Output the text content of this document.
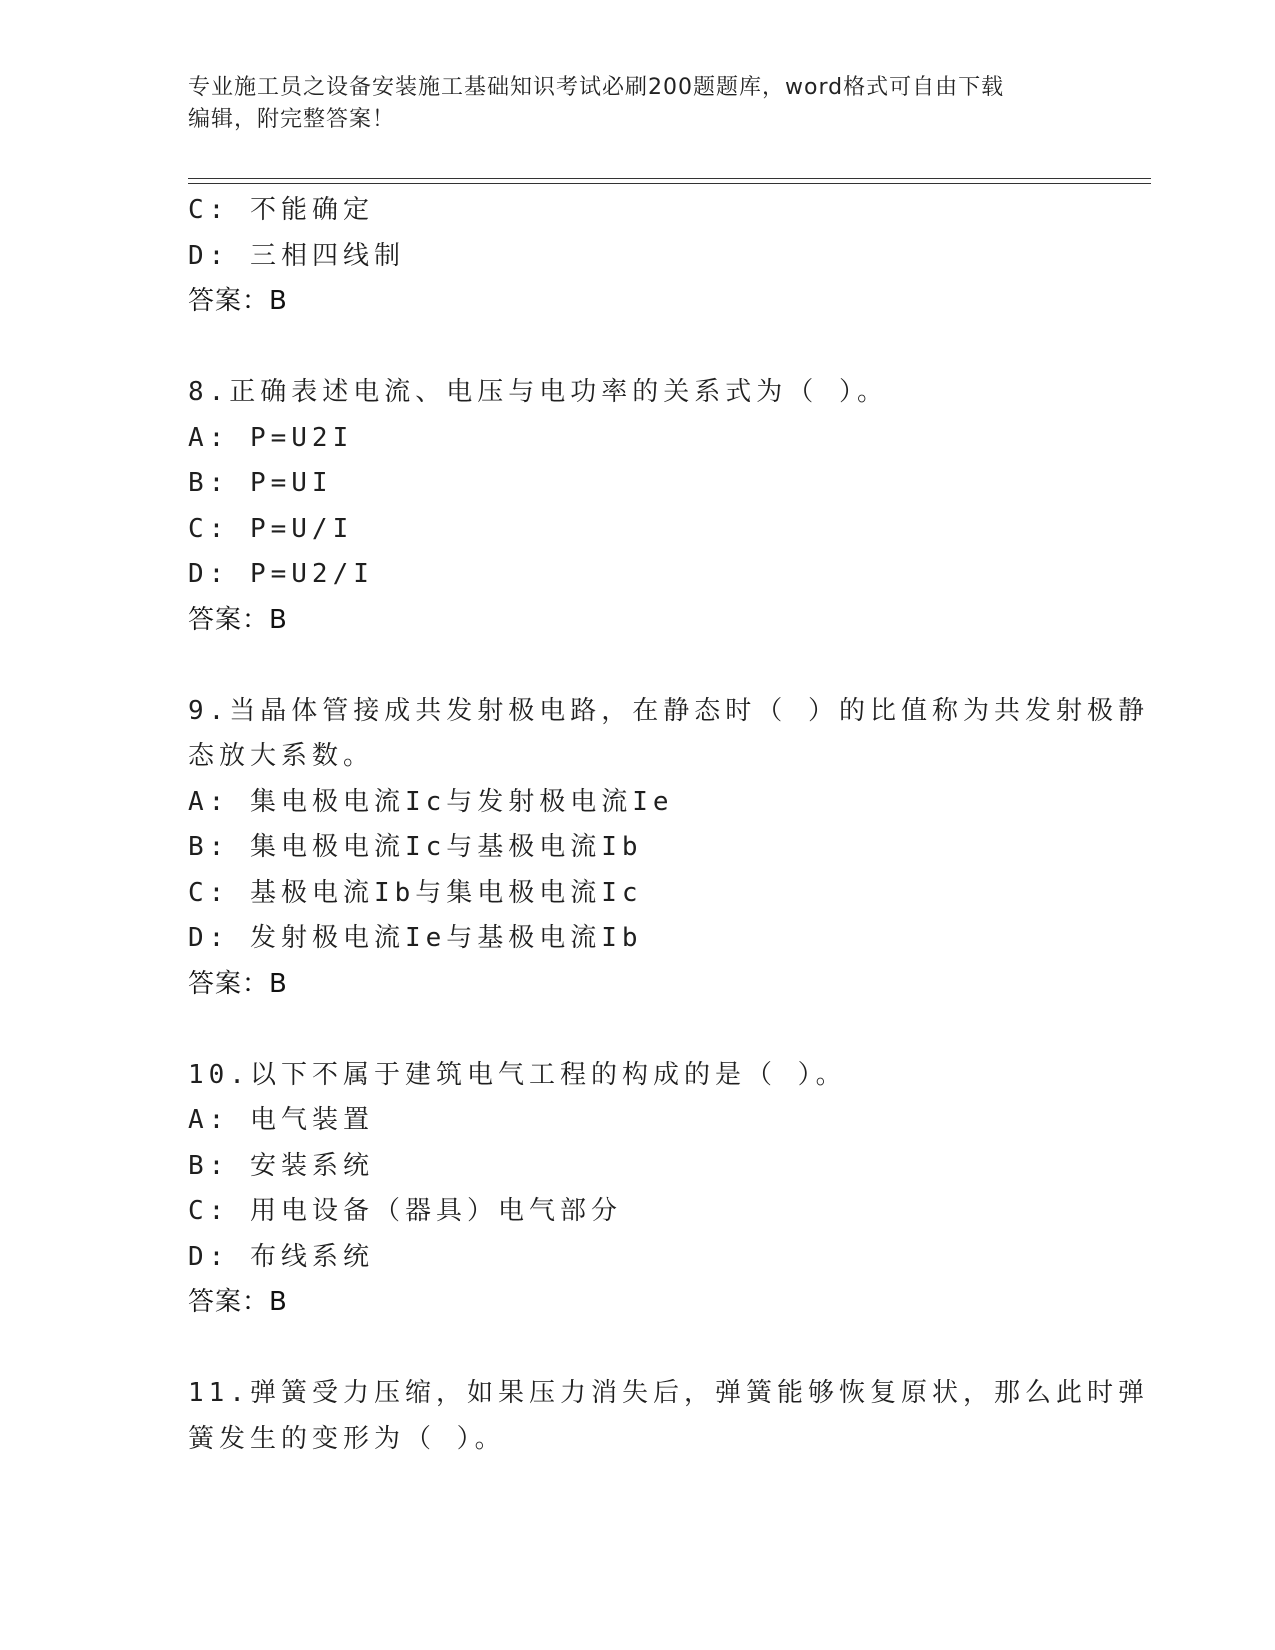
专业施工员之设备安装施工基础知识考试必刷200题题库，word格式可自由下载
编辑，附完整答案！
C: 不能确定
D: 三相四线制
答案：B
8.正确表述电流、电压与电功率的关系式为（ ）。
A: P=U2I
B: P=UI
C: P=U/I
D: P=U2/I
答案：B
9.当晶体管接成共发射极电路，在静态时（ ）的比值称为共发射极静
态放大系数。
A: 集电极电流Ic与发射极电流Ie
B: 集电极电流Ic与基极电流Ib
C: 基极电流Ib与集电极电流Ic
D: 发射极电流Ie与基极电流Ib
答案：B
10.以下不属于建筑电气工程的构成的是（ ）。
A: 电气装置
B: 安装系统
C: 用电设备（器具）电气部分
D: 布线系统
答案：B
11.弹簧受力压缩，如果压力消失后，弹簧能够恢复原状，那么此时弹
簧发生的变形为（ ）。
